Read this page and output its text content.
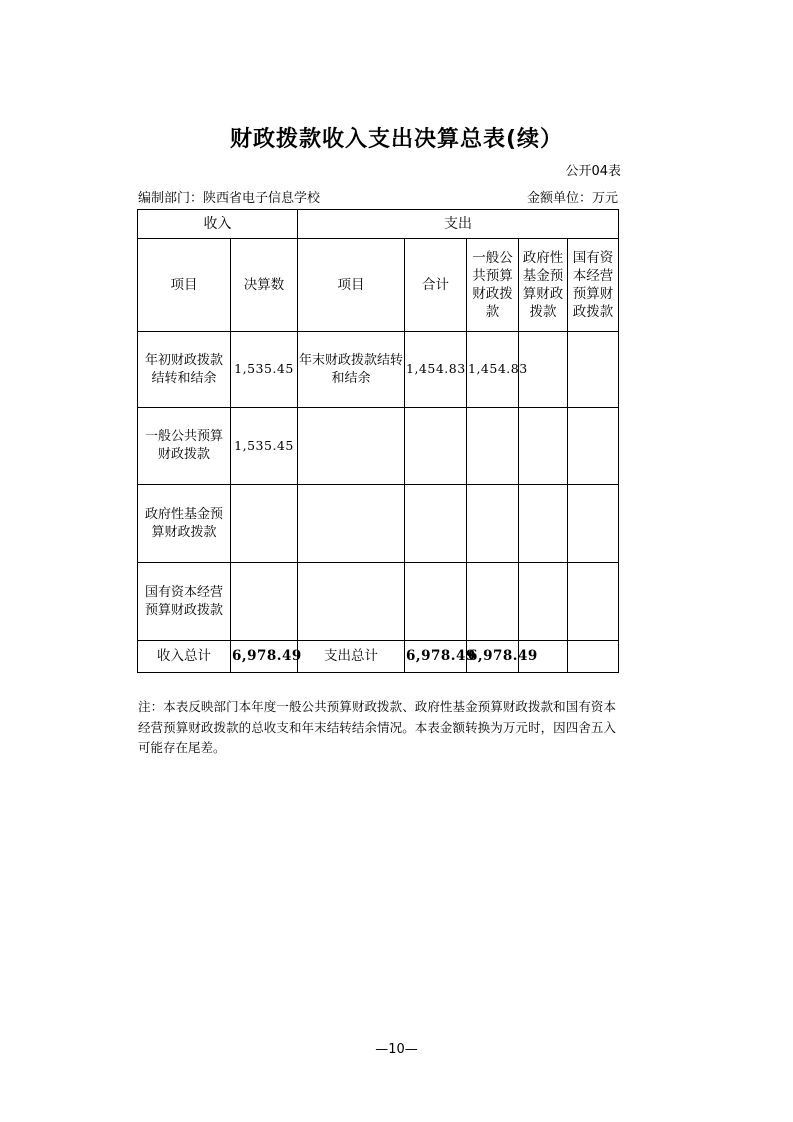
财政拨款收入支出决算总表(续）
公开04表
编制部门：陕西省电子信息学校	金额单位：万元
收入		支出				
项目	决算数	项目	合计	一般公共预算财政拨款	政府性基金预算财政拨款	国有资本经营预算财政拨款
年初财政拨款结转和结余	1,535.45	年末财政拨款结转和结余	1,454.83	1,454.83		
一般公共预算财政拨款	1,535.45					
政府性基金预算财政拨款						
国有资本经营预算财政拨款						
收入总计	6,978.49	支出总计	6,978.49	6,978.49		
注：本表反映部门本年度一般公共预算财政拨款、政府性基金预算财政拨款和国有资本经营预算财政拨款的总收支和年末结转结余情况。本表金额转换为万元时，因四舍五入可能存在尾差。
—10—
